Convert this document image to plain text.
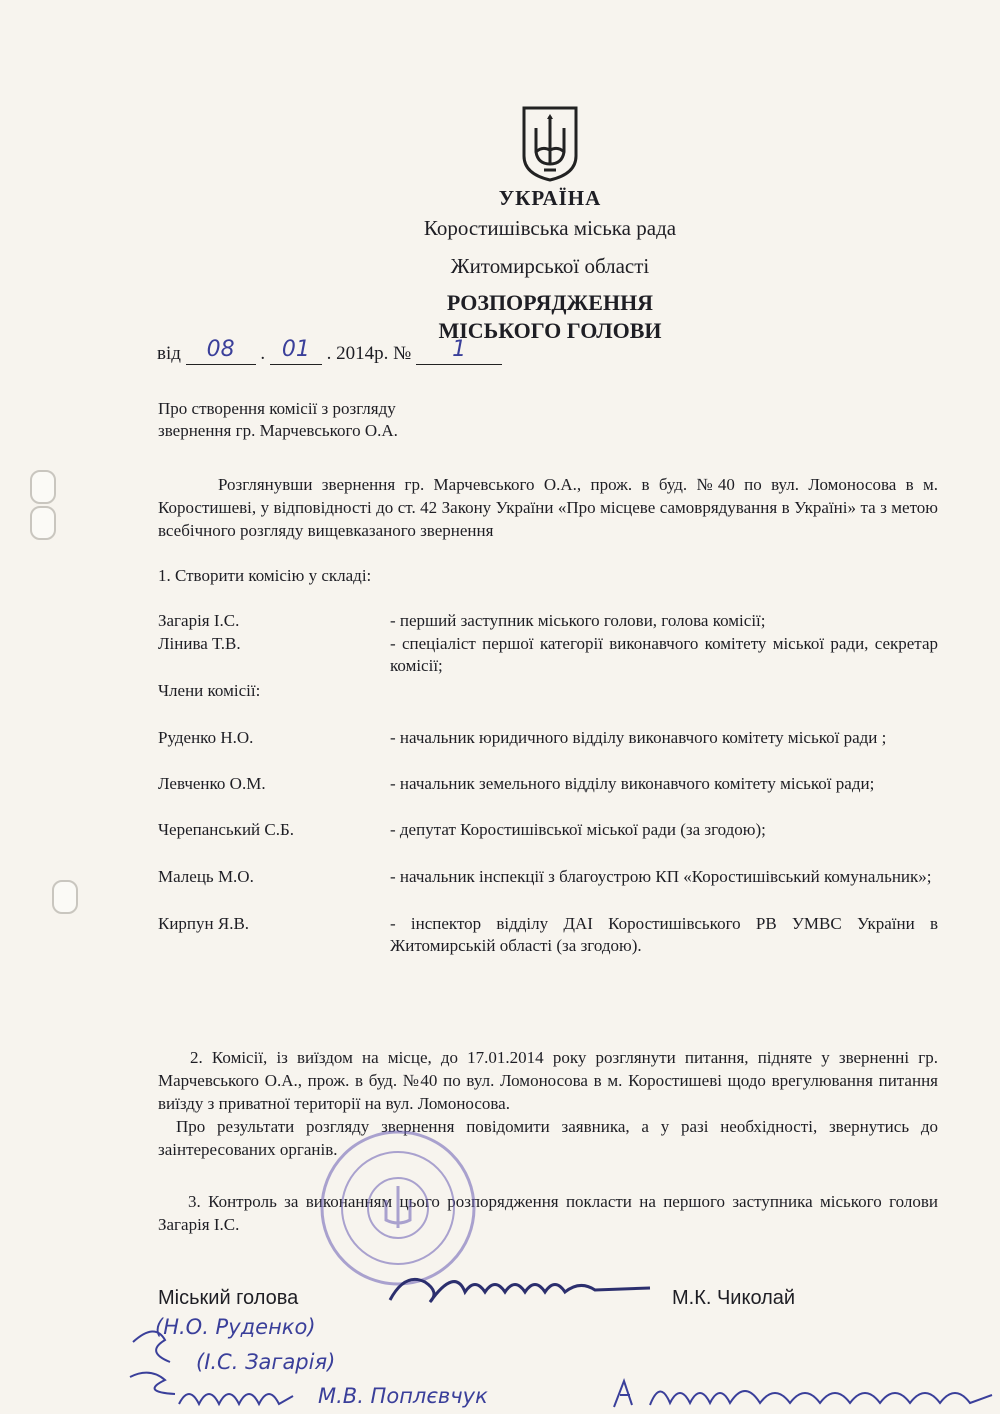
УКРАЇНА
Коростишівська міська рада
Житомирської області
РОЗПОРЯДЖЕННЯ
МІСЬКОГО ГОЛОВИ
від	08	. 01 . 2014р. №	1
Про створення комісії з розгляду
звернення гр. Марчевського О.А.
Розглянувши звернення гр. Марчевського О.А., прож. в буд. №40 по вул. Ломоносова в м. Коростишеві, у відповідності до ст. 42 Закону України «Про місцеве самоврядування в Україні» та з метою всебічного розгляду вищевказаного звернення
1. Створити комісію у складі:
Загарія І.С.	- перший заступник міського голови, голова комісії;
Лінива Т.В.	- спеціаліст першої категорії виконавчого комітету міської ради, секретар комісії;
Члени комісії:
Руденко Н.О.	- начальник юридичного відділу виконавчого комітету міської ради ;
Левченко О.М.	- начальник земельного відділу виконавчого комітету міської ради;
Черепанський С.Б.	- депутат Коростишівської міської ради (за згодою);
Малець М.О.	- начальник інспекції з благоустрою КП «Коростишівський комунальник»;
Кирпун Я.В.	- інспектор відділу ДАІ Коростишівського РВ УМВС України в Житомирській області (за згодою).
2. Комісії, із виїздом на місце, до 17.01.2014 року розглянути питання, підняте у зверненні гр. Марчевського О.А., прож. в буд. №40 по вул. Ломоносова в м. Коростишеві щодо врегулювання питання виїзду з приватної території на вул. Ломоносова.
Про результати розгляду звернення повідомити заявника, а у разі необхідності, звернутись до заінтересованих органів.
3. Контроль за виконанням цього розпорядження покласти на першого заступника міського голови Загарія І.С.
Міський голова	М.К. Чиколай
(Н.О. Руденко)
(І.С. Загарія)
М.В. Поплєвчук
